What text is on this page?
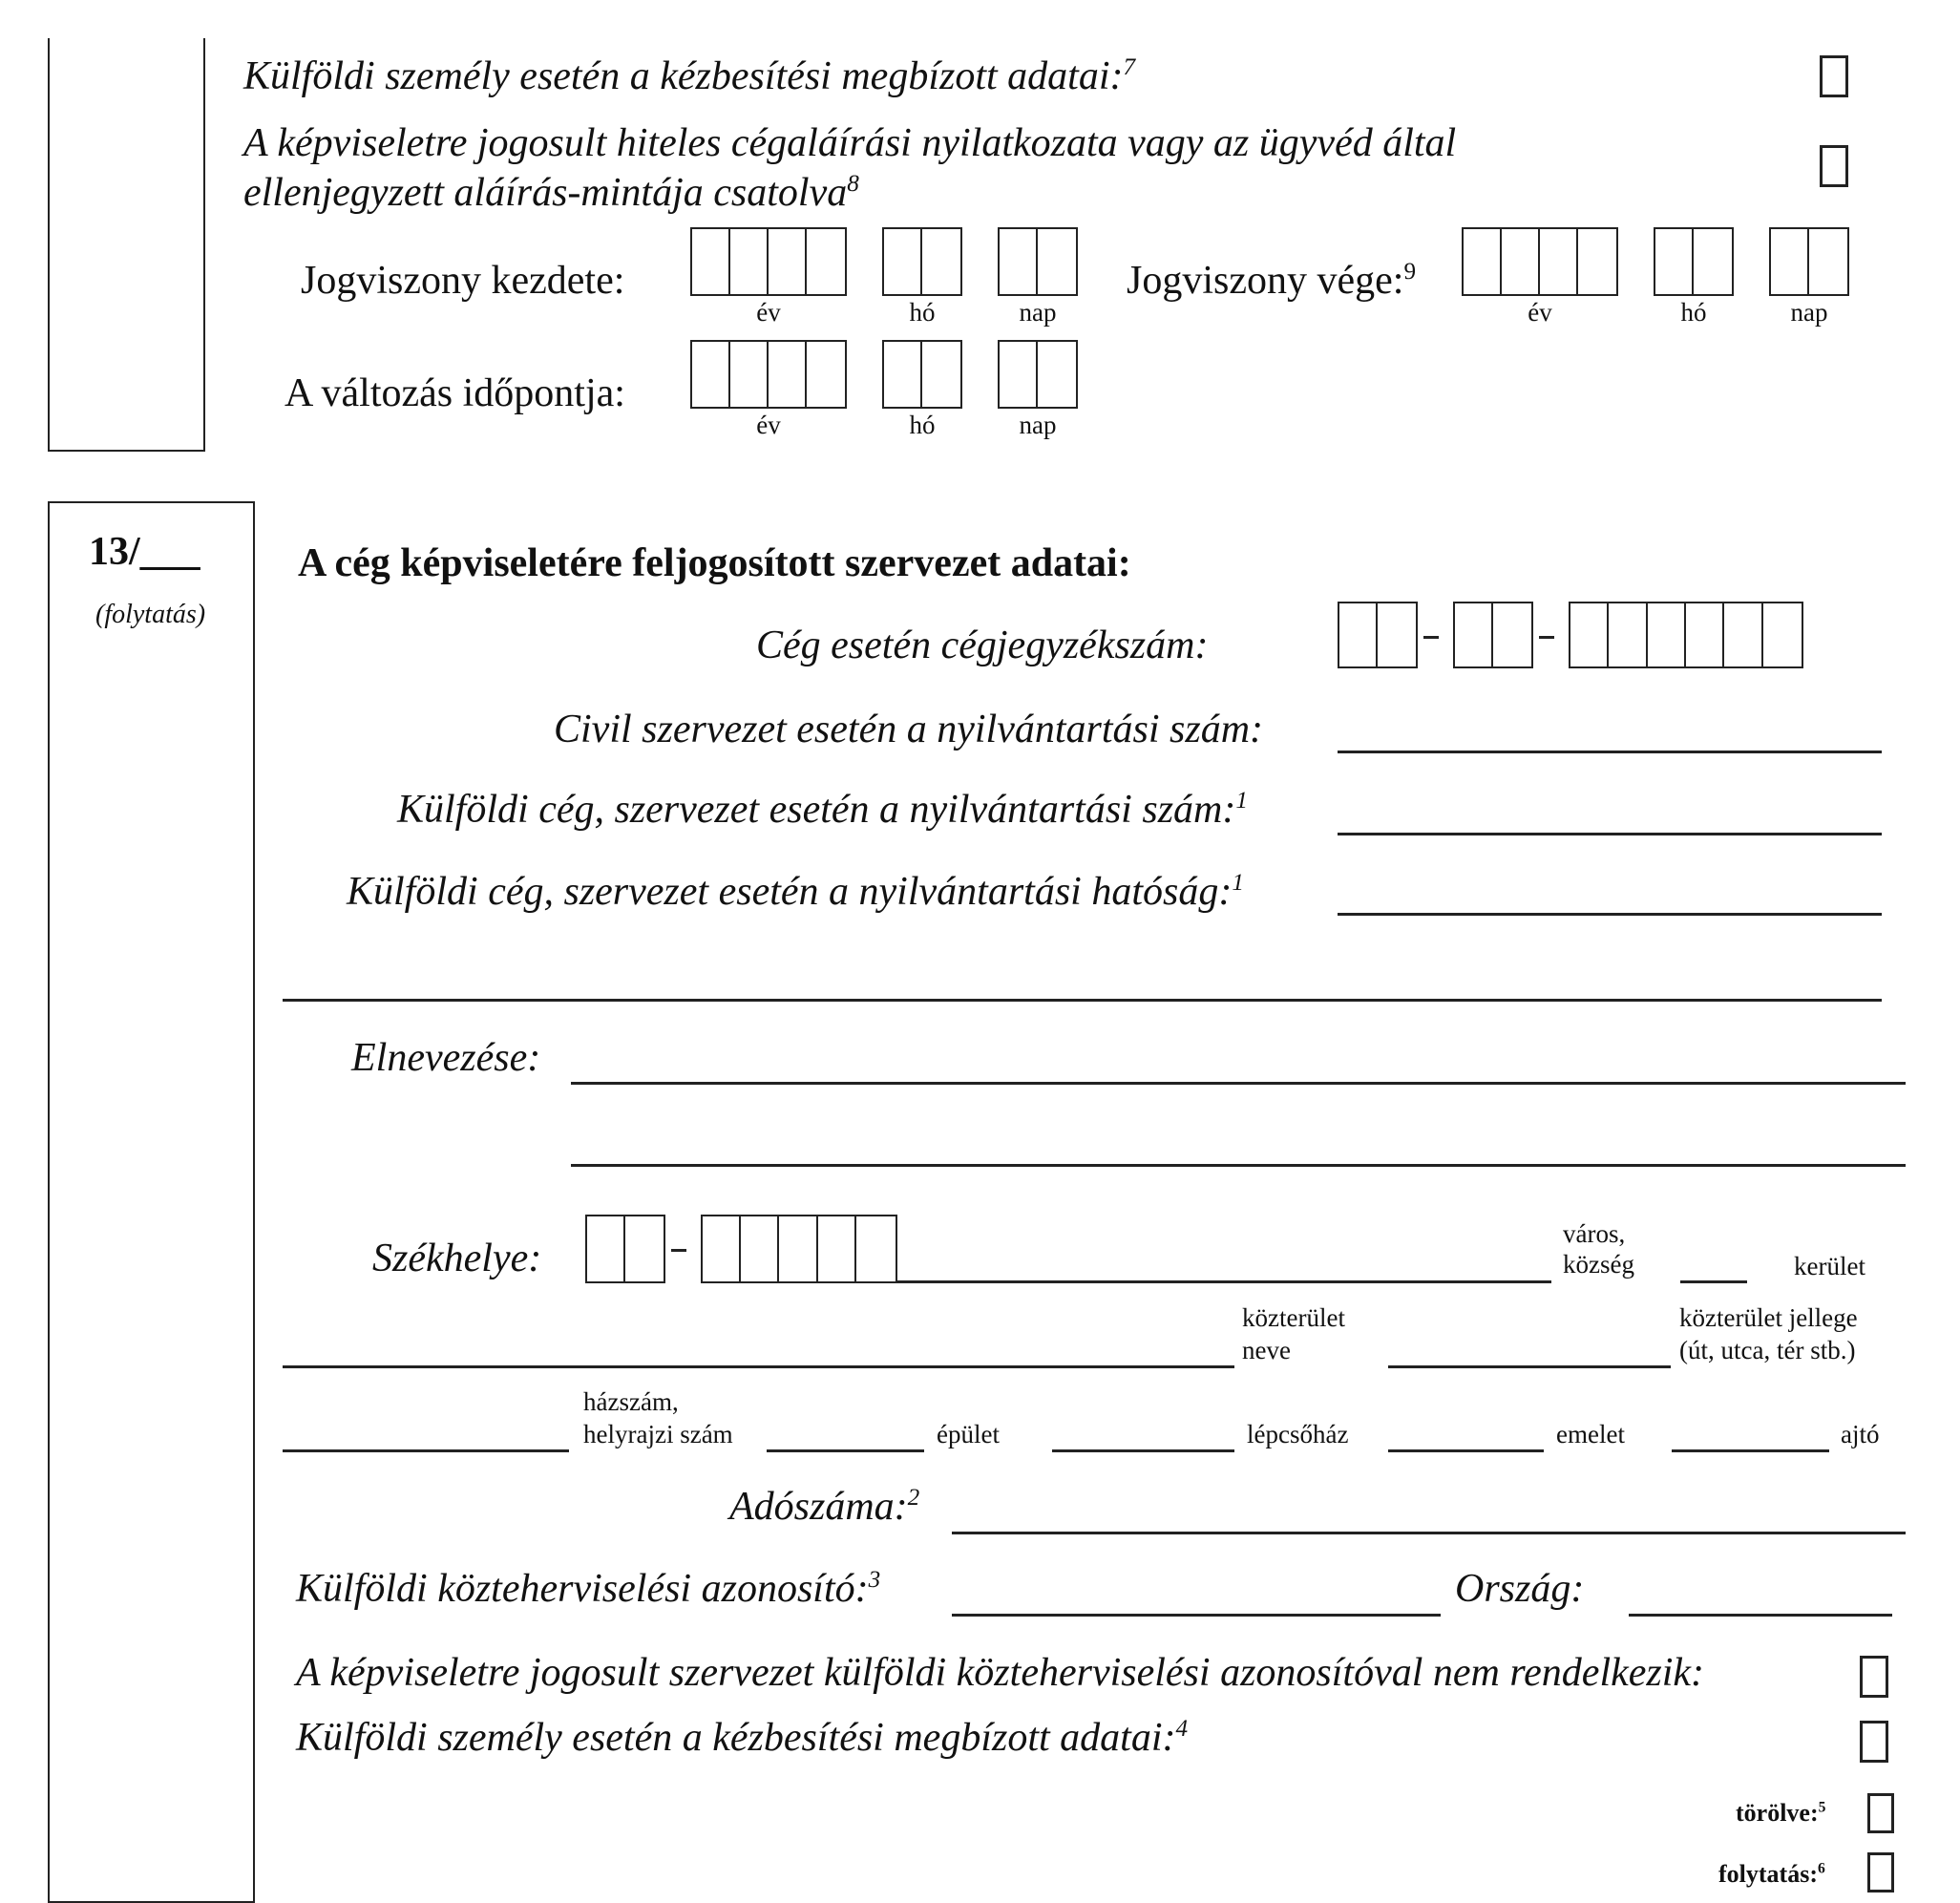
Külföldi személy esetén a kézbesítési megbízott adatai:$^7$
A képviseletre jogosult hiteles cégaláírási nyilatkozata vagy az ügyvéd által
ellenjegyzett aláírás-mintája csatolva$^8$
Jogviszony kezdete:
év	hó	nap
Jogviszony vége:$^9$
év	hó	nap
A változás időpontja:
év	hó	nap
13/___
(folytatás)
A cég képviseletére feljogosított szervezet adatai:
Cég esetén cégjegyzékszám:
Civil szervezet esetén a nyilvántartási szám:
Külföldi cég, szervezet esetén a nyilvántartási szám:$^1$
Külföldi cég, szervezet esetén a nyilvántartási hatóság:$^1$
Elnevezése:
Székhelye:
város,
község	kerület
közterület
neve
közterület jellege
(út, utca, tér stb.)
házszám,
helyrajzi szám	épület	lépcsőház	emelet	ajtó
Adószáma:$^2$
Külföldi közteherviselési azonosító:$^3$	Ország:
A képviseletre jogosult szervezet külföldi közteherviselési azonosítóval nem rendelkezik:
Külföldi személy esetén a kézbesítési megbízott adatai:$^4$
törölve:$^5$
folytatás:$^6$
